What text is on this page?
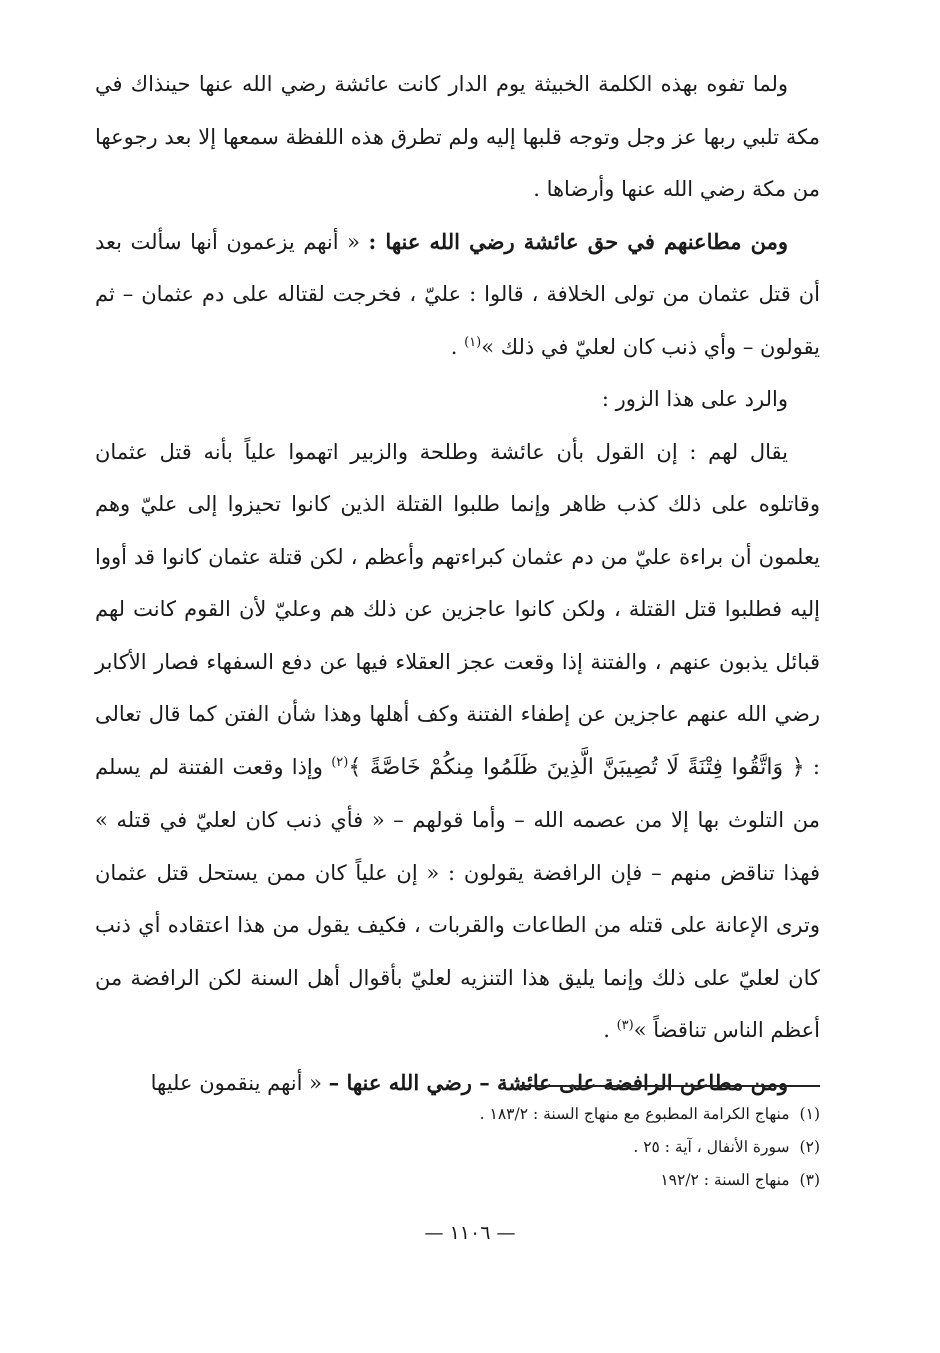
ولما تفوه بهذه الكلمة الخبيثة يوم الدار كانت عائشة رضي الله عنها حينذاك في مكة تلبي ربها عز وجل وتوجه قلبها إليه ولم تطرق هذه اللفظة سمعها إلا بعد رجوعها من مكة رضي الله عنها وأرضاها .

ومن مطاعنهم في حق عائشة رضي الله عنها : « أنهم يزعمون أنها سألت بعد أن قتل عثمان من تولى الخلافة ، قالوا : عليّ ، فخرجت لقتاله على دم عثمان – ثم يقولون – وأي ذنب كان لعليّ في ذلك »$^{(١)}$ .

والرد على هذا الزور :

يقال لهم : إن القول بأن عائشة وطلحة والزبير اتهموا علياً بأنه قتل عثمان وقاتلوه على ذلك كذب ظاهر وإنما طلبوا القتلة الذين كانوا تحيزوا إلى عليّ وهم يعلمون أن براءة عليّ من دم عثمان كبراءتهم وأعظم ، لكن قتلة عثمان كانوا قد أووا إليه فطلبوا قتل القتلة ، ولكن كانوا عاجزين عن ذلك هم وعليّ لأن القوم كانت لهم قبائل يذبون عنهم ، والفتنة إذا وقعت عجز العقلاء فيها عن دفع السفهاء فصار الأكابر رضي الله عنهم عاجزين عن إطفاء الفتنة وكف أهلها وهذا شأن الفتن كما قال تعالى : ﴿ وَاتَّقُوا فِتْنَةً لَا تُصِيبَنَّ الَّذِينَ ظَلَمُوا مِنكُمْ خَاصَّةً ﴾$^{(٢)}$ وإذا وقعت الفتنة لم يسلم من التلوث بها إلا من عصمه الله – وأما قولهم – « فأي ذنب كان لعليّ في قتله » فهذا تناقض منهم – فإن الرافضة يقولون : « إن علياً كان ممن يستحل قتل عثمان وترى الإعانة على قتله من الطاعات والقربات ، فكيف يقول من هذا اعتقاده أي ذنب كان لعليّ على ذلك وإنما يليق هذا التنزيه لعليّ بأقوال أهل السنة لكن الرافضة من أعظم الناس تناقضاً »$^{(٣)}$ .

ومن مطاعن الرافضة على عائشة – رضي الله عنها – « أنهم ينقمون عليها

(١)منهاج الكرامة المطبوع مع منهاج السنة : ١٨٣/٢ .
(٢)سورة الأنفال ، آية : ٢٥ .
(٣)منهاج السنة : ١٩٢/٢
— ١١٠٦ —
